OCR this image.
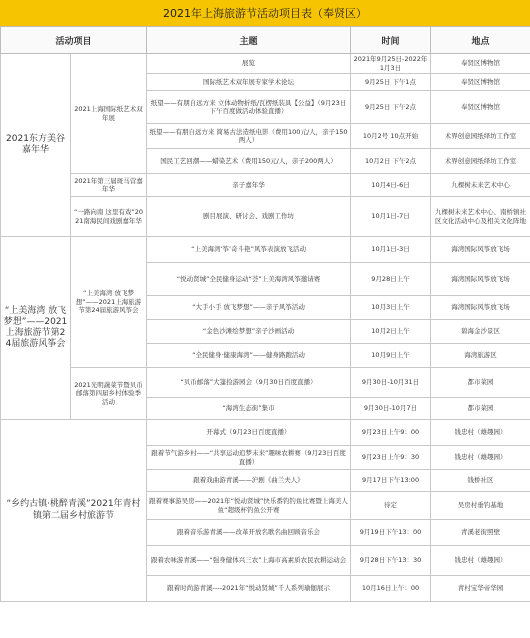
2021年上海旅游节活动项目表（奉贤区）
活动项目		主题	时间	地点
2021东方美谷嘉年华	2021上海国际纸艺术双年展	展览	2021年9月25日-2022年1月3日	奉贤区博物馆
		国际纸艺术双年展专家学术论坛	9月25日 下午1点	奉贤区博物馆
		纸望——有朋自远方来 立体动物折纸/瓦楞纸装具【公益】（9月23日下午百度做活动体验直播）	9月25日 下午2点	奉贤区博物馆
		纸望——有朋自远方来 简易古法造纸电影（费用100元/人，亲子150两人）	10月2号 10点开始	术界创意园纸绎坊工作室
		国民工艺回潮——蜡染艺术（费用150元/人，亲子200两人）	10月2日 下午2点	术界创意园纸绎坊工作室
	2021年第三届斑马营嘉年华	亲子嘉年华	10月4日-6日	九棵树未来艺术中心
	“一路向南 这里有戏”2021南海民间戏剧嘉年华	剧目展演、研讨会、戏剧工作坊	10月1日-7日	九棵树未来艺术中心、南桥镇社区文化活动中心及相关文化阵地
“上美海湾 放飞梦想”——2021上海旅游节第24届旅游风筝会	“上美海湾 放飞梦想”——2021上海旅游节第24届旅游风筝会	“上美海湾‘筝’奇斗艳”风筝表演放飞活动	10月1日-3日	海湾国际风筝放飞场
		“悦动贤城”全民健身运动“荟”上美海湾风筝邀请赛	9月28日上午	海湾国际风筝放飞场
		“大手小手 放飞梦想”——亲子风筝活动	10月3日上午	海湾国际风筝放飞场
		“金色沙滩绘梦想”亲子沙画活动	10月2日上午	碧海金沙景区
		“全民健身·健康海湾”——健身路跑活动	10月9日上午	海湾旅游区
	2021光明蔬菜节暨贝币邮落第四届乡村体验季活动	“贝币邮落”大篷捡游园会（9月30日百度直播）	9月30日-10月31日	都市菜园
		“海湾生态街”集市	9月30日-10月7日	都市菜园
“乡约古镇·桃醉青溪”2021年青村镇第二届乡村旅游节		开幕式（9月23日百度直播）	9月23日上午9：00	钱忠村（雄趣园）
		跟着节气游乡村——“共享运动追梦未来”趣味农耕赛（9月23日百度直播）	9月23日上午9：30	钱忠村（雄趣园）
		跟着戏曲游青溪——沪剧《曲兰夫人》	9月17日下午13:00	钱桥社区
		跟着赛事游吴房——2021年“悦动贤城”快乐番钓钓鱼比赛暨上海美人鱼“超级杯钓鱼公开赛	待定	吴房村垂钓基地
		跟着音乐游青溪——改革开放名歌名曲回顾音乐会	9月19日下午13：00	青溪老街照壁
		跟着农味游青溪——“强身健体兴三农”上海市高素质农民农耕运动会	9月28日下午13：30	钱忠村（雄趣园）
		跟着时尚游青溪----2021年“悦动贤城”千人系列瑜伽展示	10月16日上午：00	青村宝华帝华园
